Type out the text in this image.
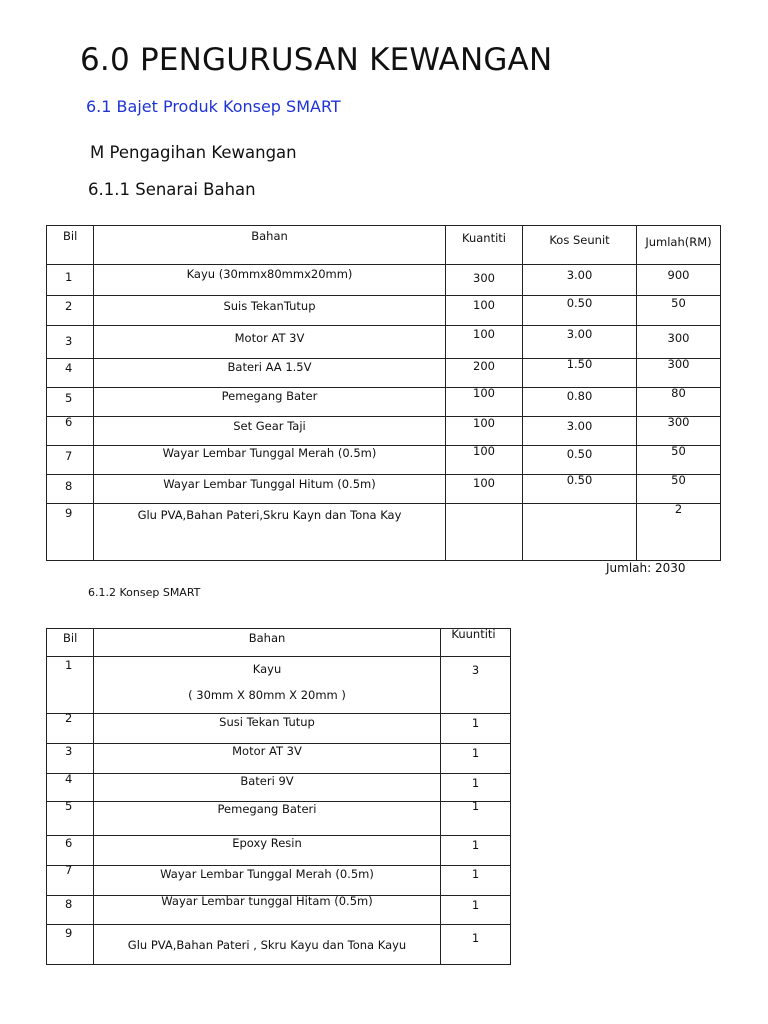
6.0 PENGURUSAN KEWANGAN
6.1 Bajet Produk Konsep SMART
M Pengagihan Kewangan
6.1.1 Senarai Bahan
Bil	Bahan	Kuantiti	Kos Seunit	Jumlah(RM)

1	Kayu (30mmx80mmx20mm)	300	3.00	900

2	Suis TekanTutup	100	0.50	50

3	Motor AT 3V	100	3.00	300

4	Bateri AA 1.5V	200	1.50	300

5	Pemegang Bater	100	0.80	80

6	Set Gear Taji	100	3.00	300

7	Wayar Lembar Tunggal Merah (0.5m)	100	0.50	50

8	Wayar Lembar Tunggal Hitum (0.5m)	100	0.50	50

9	Glu PVA,Bahan Pateri,Skru Kayn dan Tona Kay			2
Jumlah: 2030
6.1.2 Konsep SMART
Bil	Bahan	Kuuntiti

1	Kayu
( 30mm X 80mm X 20mm )	3

2	Susi Tekan Tutup	1

3	Motor AT 3V	1

4	Bateri 9V	1

5	Pemegang Bateri	1

6	Epoxy Resin	1

7	Wayar Lembar Tunggal Merah (0.5m)	1

8	Wayar Lembar tunggal Hitam (0.5m)	1

9	Glu PVA,Bahan Pateri , Skru Kayu dan Tona Kayu	1
